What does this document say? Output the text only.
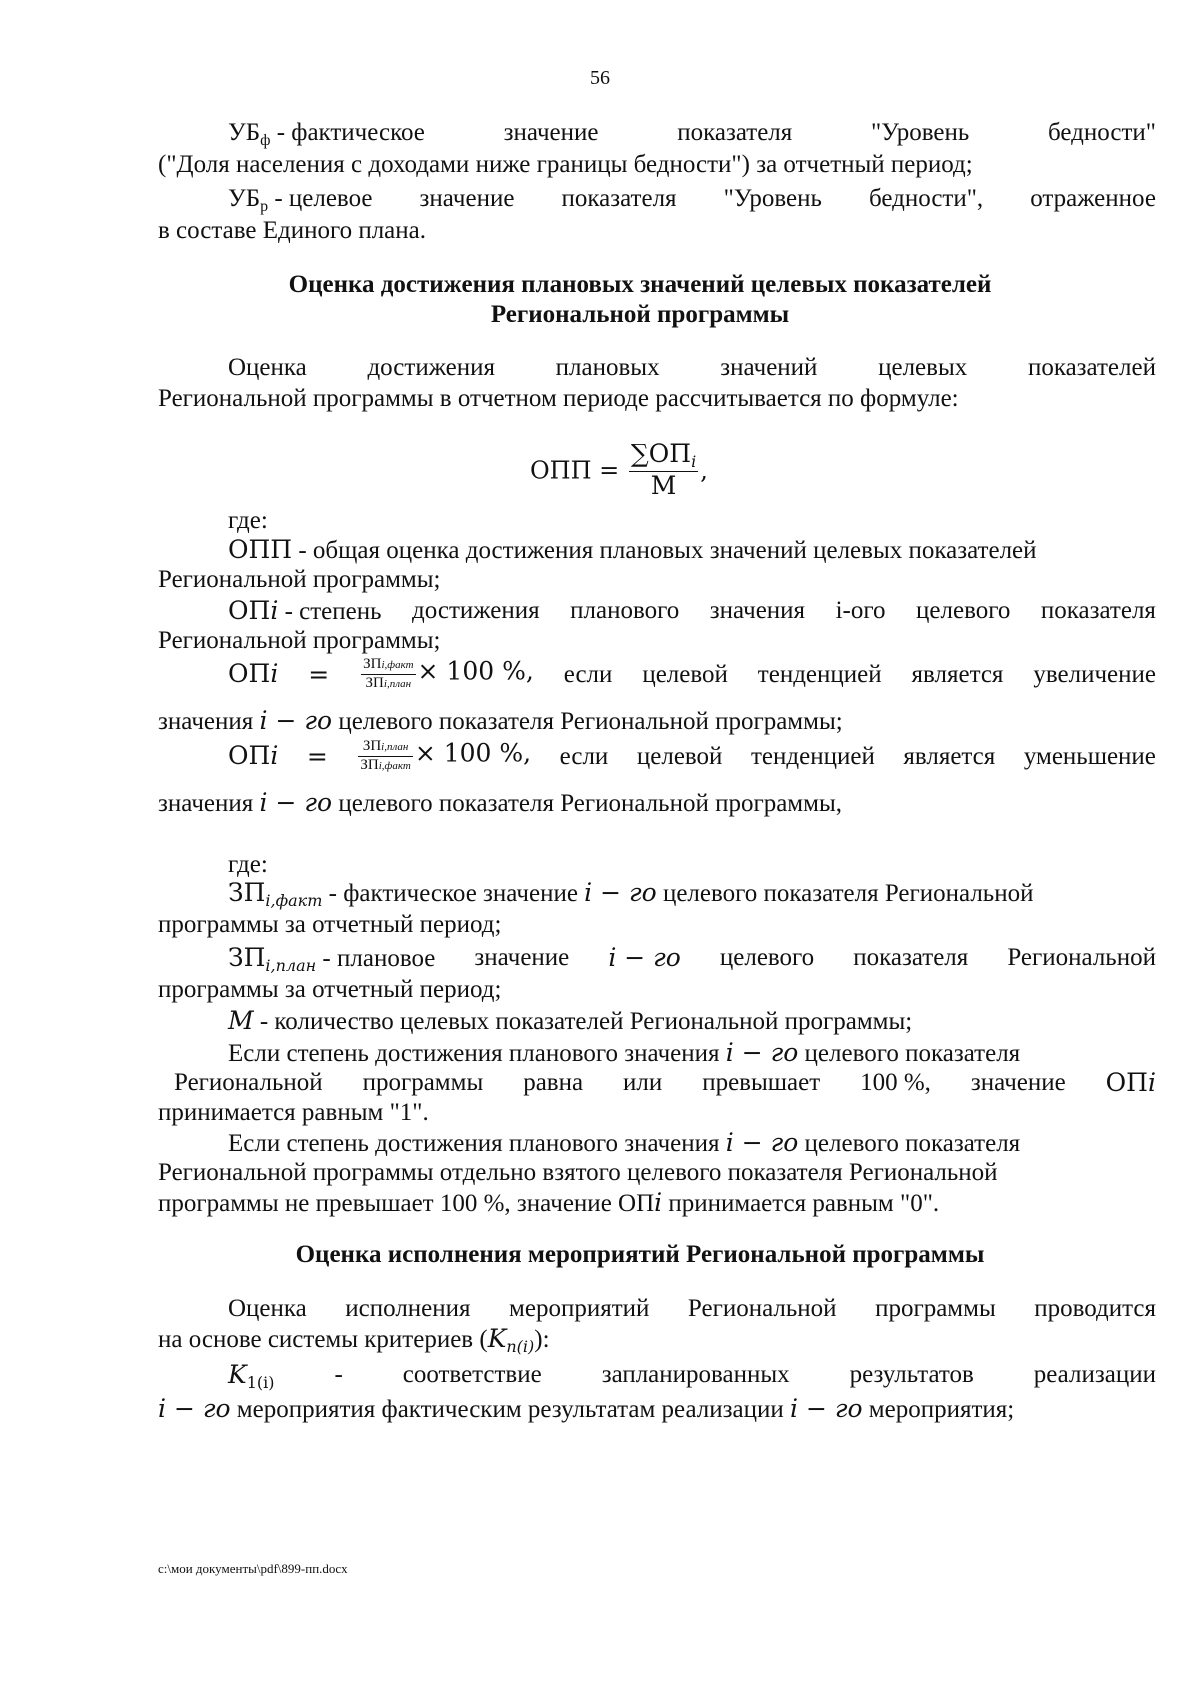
56
$УБ_ф$ - фактическое	значение	показателя	"Уровень	бедности"
("Доля населения с доходами ниже границы бедности") за отчетный период;
$УБ_р$ - целевое значение показателя "Уровень бедности", отраженное
в составе Единого плана.
Оценка достижения плановых значений целевых показателей
Региональной программы
Оценка достижения плановых значений целевых показателей
Региональной программы в отчетном периоде рассчитывается по формуле:
ОПП =
$\sum ОП_i$
M
,
где:
ОПП - общая оценка достижения плановых значений целевых показателей
Региональной программы;
ОПi - степень достижения планового значения i-ого целевого показателя
Региональной программы;
ОПi = ЗПi,факт
ЗПi,план × 100 %, если целевой тенденцией является увеличение
значения i − го целевого показателя Региональной программы;
ОПi = ЗПi,план
ЗПi,факт × 100 %, если целевой тенденцией является уменьшение
значения i − го целевого показателя Региональной программы,
где:
$ЗП_{i,факт}$ - фактическое значение i − го целевого показателя Региональной
программы за отчетный период;
$ЗП_{i,план}$ - плановое значение i − го целевого показателя Региональной
программы за отчетный период;
M - количество целевых показателей Региональной программы;
Если степень достижения планового значения i − го целевого показателя
Региональной программы равна или превышает 100 %, значение ОПi
принимается равным "1".
Если степень достижения планового значения i − го целевого показателя
Региональной программы отдельно взятого целевого показателя Региональной
программы не превышает 100 %, значение ОПi принимается равным "0".
Оценка исполнения мероприятий Региональной программы
Оценка исполнения мероприятий Региональной программы проводится
на основе системы критериев $(K_{n(i)})$:
$K_{1(i)}$ - соответствие запланированных результатов реализации
i − го мероприятия фактическим результатам реализации i − го мероприятия;
c:\мои документы\pdf\899-пп.docx
